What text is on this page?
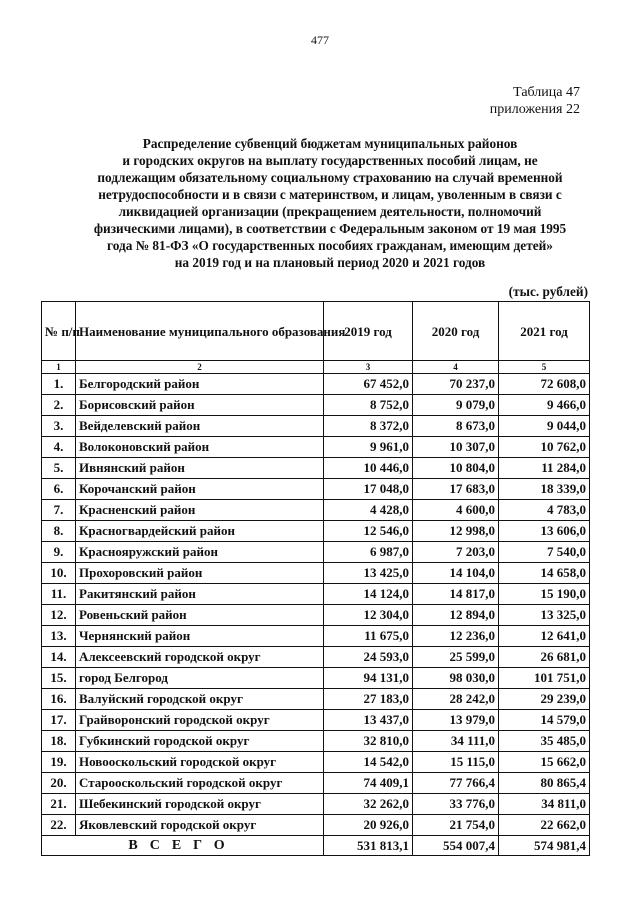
477
Таблица 47
приложения 22
Распределение субвенций бюджетам муниципальных районов
и городских округов на выплату государственных пособий лицам, не
подлежащим обязательному социальному страхованию на случай временной
нетрудоспособности и в связи с материнством, и лицам, уволенным в связи с
ликвидацией организации (прекращением деятельности, полномочий
физическими лицами), в соответствии с Федеральным законом от 19 мая 1995
года № 81-ФЗ «О государственных пособиях гражданам, имеющим детей»
на 2019 год и на плановый период 2020 и 2021 годов
(тыс. рублей)
№ п/п	Наименование муниципального образования	2019 год	2020 год	2021 год
1	2	3	4	5
1.	Белгородский район	67 452,0	70 237,0	72 608,0
2.	Борисовский район	8 752,0	9 079,0	9 466,0
3.	Вейделевский район	8 372,0	8 673,0	9 044,0
4.	Волоконовский район	9 961,0	10 307,0	10 762,0
5.	Ивнянский район	10 446,0	10 804,0	11 284,0
6.	Корочанский район	17 048,0	17 683,0	18 339,0
7.	Красненский район	4 428,0	4 600,0	4 783,0
8.	Красногвардейский район	12 546,0	12 998,0	13 606,0
9.	Краснояружский район	6 987,0	7 203,0	7 540,0
10.	Прохоровский район	13 425,0	14 104,0	14 658,0
11.	Ракитянский район	14 124,0	14 817,0	15 190,0
12.	Ровеньский район	12 304,0	12 894,0	13 325,0
13.	Чернянский район	11 675,0	12 236,0	12 641,0
14.	Алексеевский городской округ	24 593,0	25 599,0	26 681,0
15.	город Белгород	94 131,0	98 030,0	101 751,0
16.	Валуйский городской округ	27 183,0	28 242,0	29 239,0
17.	Грайворонский городской округ	13 437,0	13 979,0	14 579,0
18.	Губкинский городской округ	32 810,0	34 111,0	35 485,0
19.	Новооскольский городской округ	14 542,0	15 115,0	15 662,0
20.	Старооскольский городской округ	74 409,1	77 766,4	80 865,4
21.	Шебекинский городской округ	32 262,0	33 776,0	34 811,0
22.	Яковлевский городской округ	20 926,0	21 754,0	22 662,0
ВСЕГО		531 813,1	554 007,4	574 981,4
